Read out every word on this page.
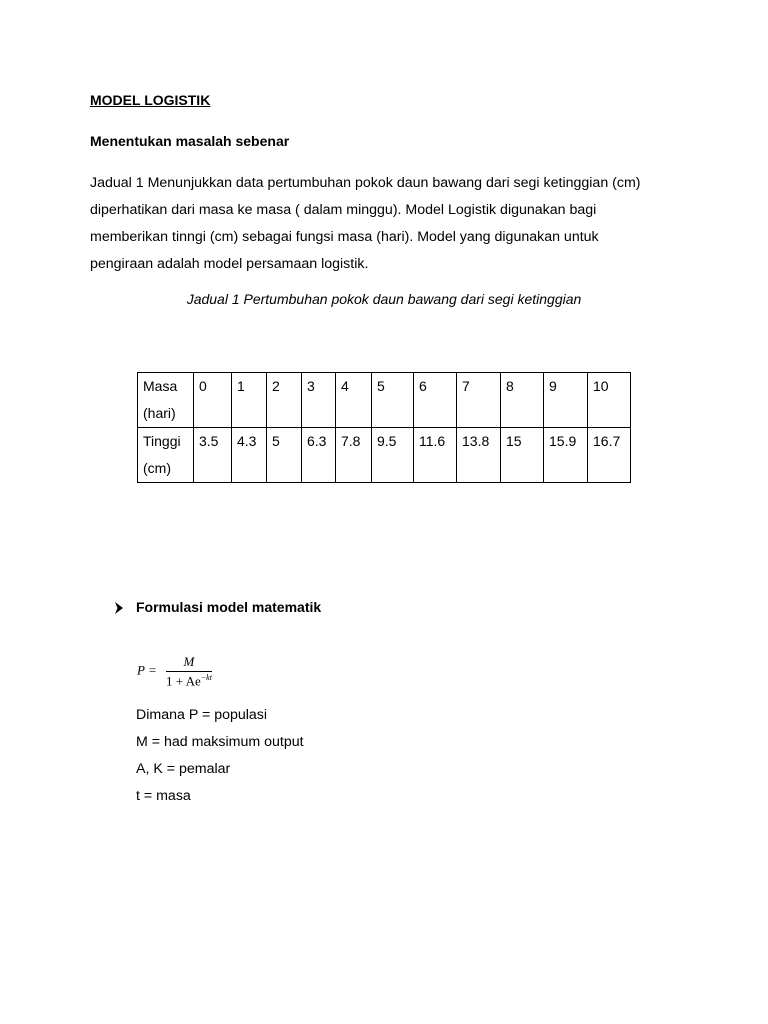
MODEL LOGISTIK
Menentukan masalah sebenar
Jadual 1 Menunjukkan data pertumbuhan pokok daun bawang dari segi ketinggian (cm)
diperhatikan dari masa ke masa ( dalam minggu). Model Logistik digunakan bagi
memberikan tinngi (cm) sebagai fungsi masa (hari). Model yang digunakan untuk
pengiraan adalah model persamaan logistik.
Jadual 1 Pertumbuhan pokok daun bawang dari segi ketinggian
Masa
(hari)	0	1	2	3	4	5	6	7	8	9	10

Tinggi
(cm)	3.5	4.3	5	6.3	7.8	9.5	11.6	13.8	15	15.9	16.7
Formulasi model matematik
$P = \frac{M}{1 + Ae^{-kt}}$
Dimana P = populasi
M = had maksimum output
A, K = pemalar
t = masa
